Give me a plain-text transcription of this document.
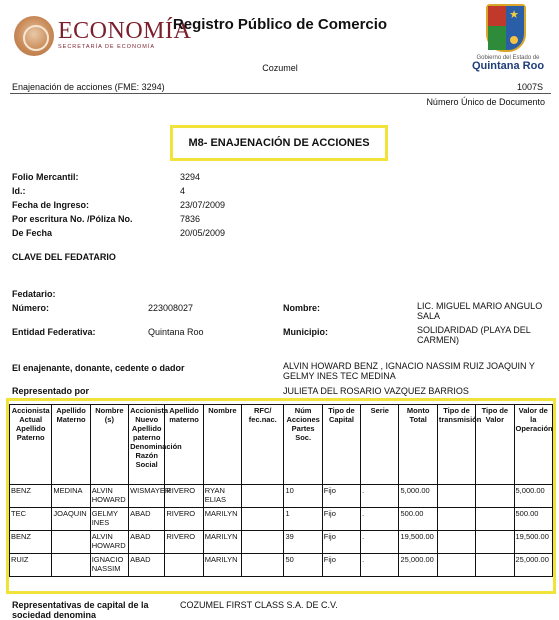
ECONOMÍA
SECRETARÍA DE ECONOMÍA
Registro Público de Comercio
Cozumel
★
Gobierno del Estado de
Quintana Roo
Enajenación de acciones (FME: 3294)	1007S
Número Único de Documento
M8- ENAJENACIÓN DE ACCIONES
Folio Mercantil:	3294
Id.:	4
Fecha de Ingreso:	23/07/2009
Por escritura No. /Póliza No.	7836
De Fecha	20/05/2009
CLAVE DEL FEDATARIO
Fedatario:
Número:	223008027	Nombre:	LIC. MIGUEL MARIO ANGULO SALA
Entidad Federativa:	Quintana Roo	Municipio:	SOLIDARIDAD (PLAYA DEL CARMEN)
El enajenante, donante, cedente o dador	ALVIN HOWARD BENZ , IGNACIO NASSIM RUIZ JOAQUIN Y GELMY INES TEC MEDINA
Representado por	JULIETA DEL ROSARIO VAZQUEZ BARRIOS
Accionista Actual Apellido Paterno	Apellido Materno	Nombre (s)	Accionista Nuevo Apellido paterno Denominación Razón Social	Apellido materno	Nombre	RFC/ fec.nac.	Núm Acciones Partes Soc.	Tipo de Capital	Serie	Monto Total	Tipo de transmisión	Tipo de Valor	Valor de la Operación
BENZ	MEDINA	ALVIN HOWARD	WISMAYER	RIVERO	RYAN ELIAS		10	Fijo	.	5,000.00			5,000.00
TEC	JOAQUIN	GELMY INES	ABAD	RIVERO	MARILYN		1	Fijo	.	500.00			500.00
BENZ		ALVIN HOWARD	ABAD	RIVERO	MARILYN		39	Fijo	.	19,500.00			19,500.00
RUIZ		IGNACIO NASSIM	ABAD		MARILYN		50	Fijo	.	25,000.00			25,000.00
Representativas de capital de la sociedad denomina
COZUMEL FIRST CLASS S.A. DE C.V.
